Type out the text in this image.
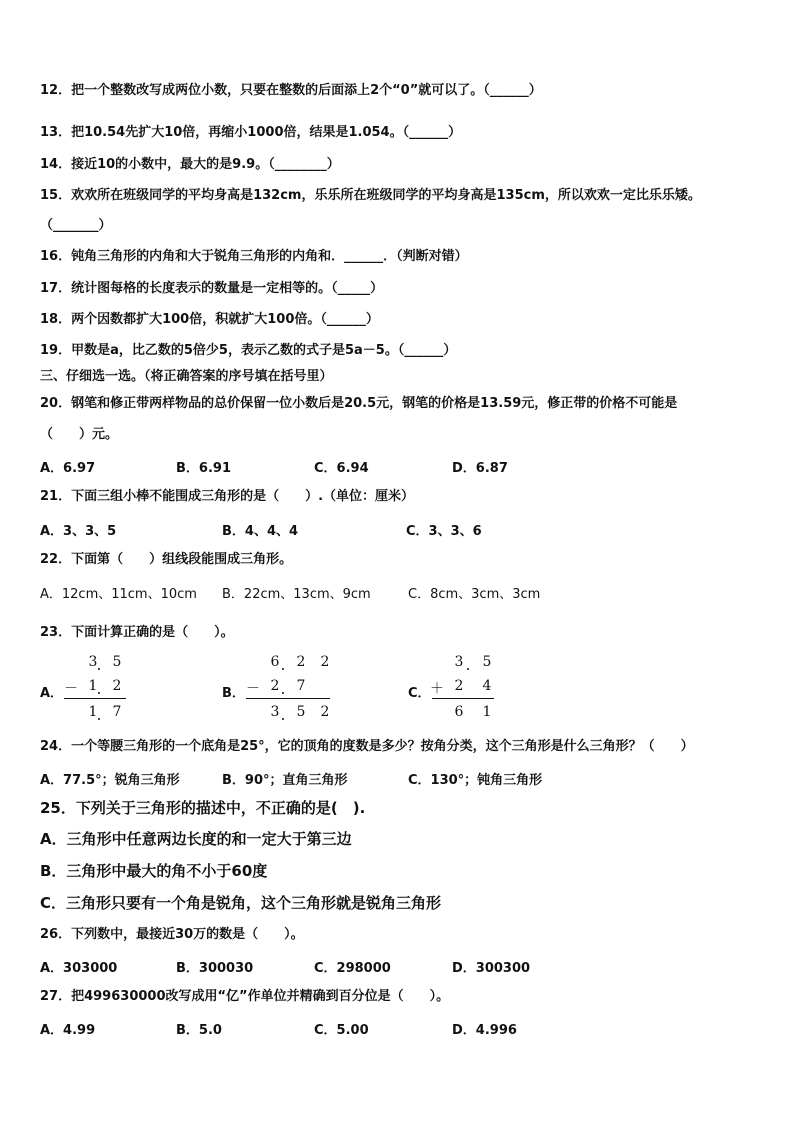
12．把一个整数改写成两位小数，只要在整数的后面添上2个“0”就可以了。（______）
13．把10.54先扩大10倍，再缩小1000倍，结果是1.054。（______）
14．接近10的小数中，最大的是9.9。（________）
15．欢欢所在班级同学的平均身高是132cm，乐乐所在班级同学的平均身高是135cm，所以欢欢一定比乐乐矮。
（_______）
16．钝角三角形的内角和大于锐角三角形的内角和．______．（判断对错）
17．统计图每格的长度表示的数量是一定相等的。（_____）
18．两个因数都扩大100倍，积就扩大100倍。（______）
19．甲数是a，比乙数的5倍少5，表示乙数的式子是5a－5。（______）
三、仔细选一选。（将正确答案的序号填在括号里）
20．钢笔和修正带两样物品的总价保留一位小数后是20.5元，钢笔的价格是13.59元，修正带的价格不可能是
（　　）元。
A．6.97	B．6.91	C．6.94	D．6.87
21．下面三组小棒不能围成三角形的是（　　）.（单位：厘米）
A．3、3、5	B．4、4、4	C．3、3、6
22．下面第（　　）组线段能围成三角形。
A．12cm、11cm、10cm B．22cm、13cm、9cm	C．8cm、3cm、3cm
23．下面计算正确的是（　　）。
A．
3 5
－ 1 2
1 7
B．
6 2 2
－ 2 7
3 5 2
C．
3 5
＋ 2 4
6 1
24．一个等腰三角形的一个底角是25°，它的顶角的度数是多少？按角分类，这个三角形是什么三角形？（　　）
A．77.5°；锐角三角形	B．90°；直角三角形	C．130°；钝角三角形
25．下列关于三角形的描述中，不正确的是(　).
A．三角形中任意两边长度的和一定大于第三边
B．三角形中最大的角不小于60度
C．三角形只要有一个角是锐角，这个三角形就是锐角三角形
26．下列数中，最接近30万的数是（　　）。
A．303000	B．300030	C．298000	D．300300
27．把499630000改写成用“亿”作单位并精确到百分位是（　　）。
A．4.99	B．5.0	C．5.00	D．4.996
